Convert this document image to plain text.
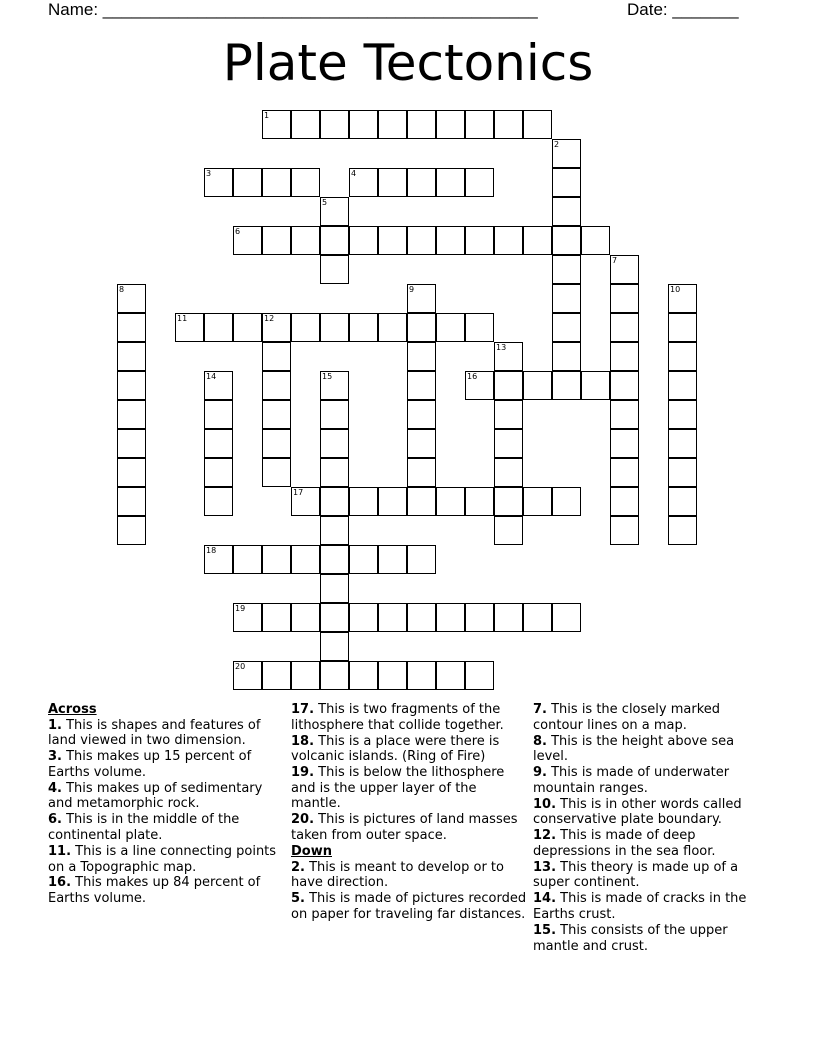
Name: ______________________________________________	Date: _______
Plate Tectonics
1
3	4
6
11	12
16
17
18
19
20
2
5
7
8	9	10
13
14	15
Across
1. This is shapes and features of land viewed in two dimension.
3. This makes up 15 percent of Earths volume.
4. This makes up of sedimentary and metamorphic rock.
6. This is in the middle of the continental plate.
11. This is a line connecting points on a Topographic map.
16. This makes up 84 percent of Earths volume.
17. This is two fragments of the lithosphere that collide together.
18. This is a place were there is volcanic islands. (Ring of Fire)
19. This is below the lithosphere and is the upper layer of the mantle.
20. This is pictures of land masses taken from outer space.
Down
2. This is meant to develop or to have direction.
5. This is made of pictures recorded on paper for traveling far distances.
7. This is the closely marked contour lines on a map.
8. This is the height above sea level.
9. This is made of underwater mountain ranges.
10. This is in other words called conservative plate boundary.
12. This is made of deep depressions in the sea floor.
13. This theory is made up of a super continent.
14. This is made of cracks in the Earths crust.
15. This consists of the upper mantle and crust.
